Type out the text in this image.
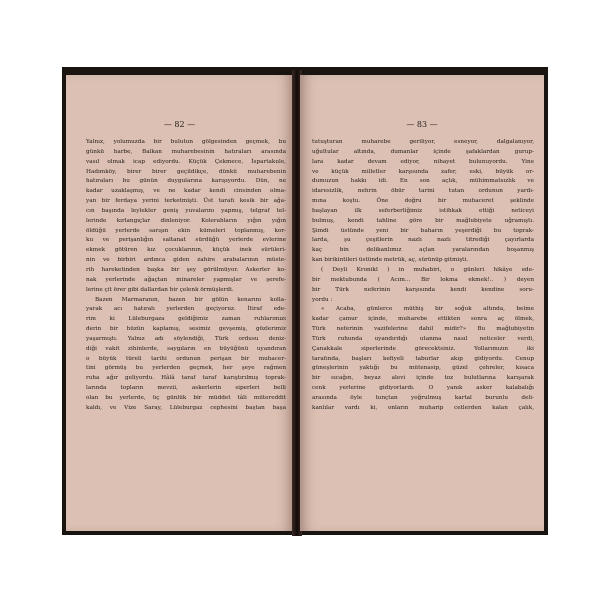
— 82 —
Yalnız, yolumuzda bir bulutun gölgesinden geçmek, bu
günkü harbe, Balkan muharebesinin hatıraları arasında
vasıl olmak icap ediyordu. Küçük Çekmece, İspartakule,
Hadımköy, birer birer geçildikçe, dünkü muharebenin
hatıraları bu günün duygularına karışıyordu. Dün, ne
kadar uzaklaşmış, ve ne kadar kendi cinsinden olma-
yan bir ferdaya yerini terketmişti. Üst tarafı kesik bir ağa-
cın başında leylekler geniş yuvalarını yapmış, telgraf tel-
lerinde kırlangıçlar dinleniyor. Kolerahların yığın yığın
öldüğü yerlerde sarışın ekin kümeleri toplanmış, kor-
ku ve perişanlığın saltanat sürdüğü yerlerde evlerine
ekmek götüren kız çocuklarının, küçük inek sürüleri-
nin ve birbiri ardınca giden zahire arabalarının müste-
rih hareketinden başka bir şey görülmüyor. Askerler ko-
nak yerlerinde ağaçtan minareler yapmışlar ve şerefe-
lerine çit örer gibi dallardan bir çelenk örmüşlerdi.
Bazen Marmaranın, bazen bir gölün kenarını kolla-
yarak acı hatıralı yerlerden geçiyoruz. İtiraf ede-
rim ki Lüleburgaza geldiğimiz zaman ruhlarımızı
derin bir hüzün kaplamış, sesimiz gevşemiş, gözlerimiz
yaşarmıştı. Yalnız adı söylendiği, Türk ordusu deniz-
diği vakit zihinlerde, saygıların en büyüğünü uyandıran
o büyük türeli tarihi ordunun perişan bir muhacer-
tini görmüş bu yerlerden geçmek, her şeye rağmen
ruha ağır geliyordu. Hâlâ taraf taraf karıştırılmış toprak-
larında topların mevzii, askerlerin siperleri belli
olan bu yerlerde, üç günlük bir müddet tâli mütereddit
kaldı, ve Vize Saray, Lüleburgaz cephesini baştan başa
— 83 —
tutuşturan muharebe geriliyor, esneyor, dalgalanıyor,
uğultular altında, dumanlar içinde şafaklardan gurup-
lara kadar devam ediyor, nihayet bulunuyordu. Yine
ve küçük milletler karşısında zafer, eski, büyük or-
dumuzun hakkı idi. En son açlık, mühimmatsızlık ve
idaresizlik, nehrin öbür tarini tutan ordunun yardı-
mına koştu. Öne doğru bir muhaceret şeklinde
başlayan ilk seferberliğimiz istihkak ettiği neticeyi
bulmuş, kendi tahline göre bir mağlubiyete uğramıştı.
Şimdi üstünde yeni bir baharın yeşerdiği bu toprak-
larda, şu çeşitlerin nazlı nazlı titrediği çayırlarda
kaç bin delikanlımız açlan yaralarından boşanmış
kan birikintileri üstünde metrük, aç, sürünüp gitmişti.
( Deyli Kronikl ) in muhabiri, o günleri hikâye ede-
bir mektubunda ( Acım... Bir lokma ekmek!.. ) deyen
bir Türk neferinin karşısında kendi kendine soru-
yordu :
« Acaba, günlerce müthiş bir soğuk altında, belme
kadar çamur içinde, muharebe ettikten sonra aç ölmek,
Türk neferinin vazifelerine dahil midir?» Bu mağlubiyetin
Türk ruhunda uyandırdığı utanma nasıl neticeler verdi,
Çanakkale siperlerinde görecektsiniz. Yollarımızın iki
tarafında, başları kefiyeli taburlar akıp gidiyordu. Cenup
güneşlerinin yaktığı bu mütenasip, güzel çehreler, kısaca
bir sıcağın, beyaz alevi içinde toz bulutlarına karışarak
cenk yerlerine gidiyorlardı. O yanık asker kalabalığı
arasında öyle tunçtan yoğrulmuş kartal burunlu deli-
kanlılar vardı ki, onların muharip cetlerden kalan çalık,
